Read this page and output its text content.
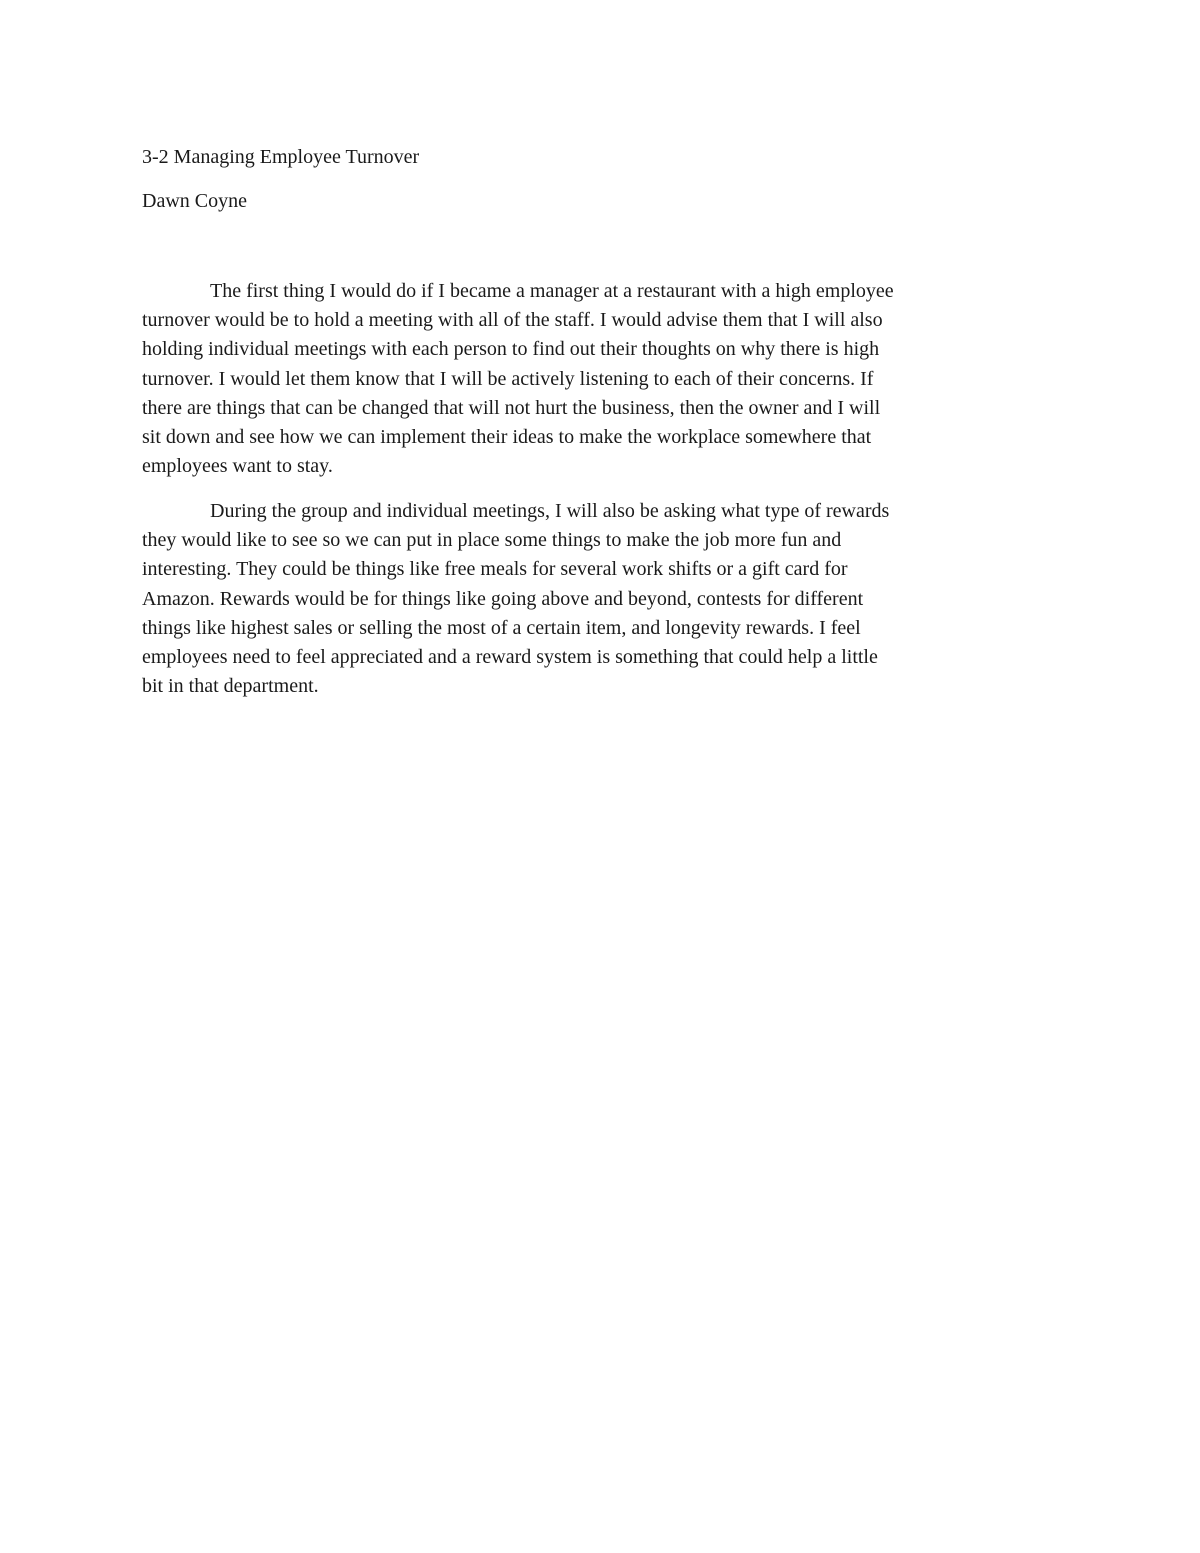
3-2 Managing Employee Turnover
Dawn Coyne

The first thing I would do if I became a manager at a restaurant with a high employee
turnover would be to hold a meeting with all of the staff. I would advise them that I will also
holding individual meetings with each person to find out their thoughts on why there is high
turnover. I would let them know that I will be actively listening to each of their concerns. If
there are things that can be changed that will not hurt the business, then the owner and I will
sit down and see how we can implement their ideas to make the workplace somewhere that
employees want to stay.

During the group and individual meetings, I will also be asking what type of rewards
they would like to see so we can put in place some things to make the job more fun and
interesting. They could be things like free meals for several work shifts or a gift card for
Amazon. Rewards would be for things like going above and beyond, contests for different
things like highest sales or selling the most of a certain item, and longevity rewards. I feel
employees need to feel appreciated and a reward system is something that could help a little
bit in that department.
